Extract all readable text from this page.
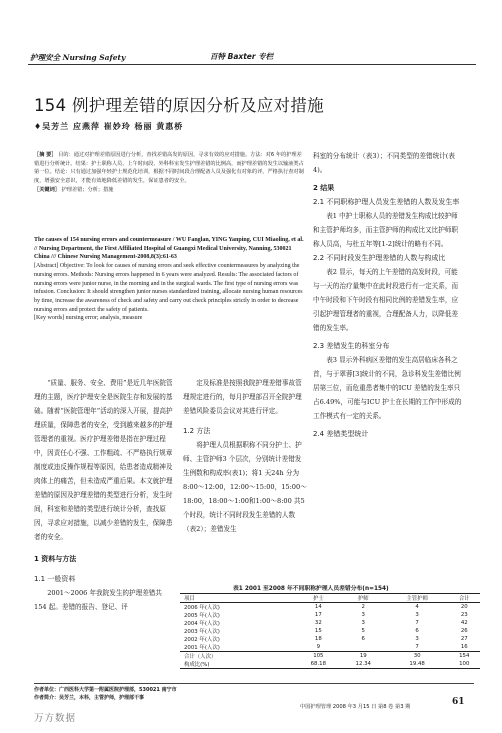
护理安全 Nursing Safety	百特 Baxter 专栏
154 例护理差错的原因分析及应对措施
♦吴芳兰 应燕萍 崔妙玲 杨丽 黄惠桥
［摘 要］ 目的：通过对护理差错原因进行分析，查找差错高发的原因，寻求有效的应对措施。方法：对6 年的护理差错进行分析统计。结果：护士职称人员、上午时间段、外科科室发生护理差错的比例高，而护理差错的发生以输液类占第一位。结论：只有通过加强年轻护士规范化培训，根据不同时间段合理配备人员及强化有对象的评，严格执行查对制度，增强安全意识，才能有效地降低差错的发生，保证患者的安全。
［关键词］ 护理差错；分析；措施
The causes of 154 nursing errors and countermeasure / WU Fanglan, YING Yanping, CUI Miaoling, et al. // Nursing Department, the First Affiliated Hospital of Guangxi Medical University, Nanning, 530021 China /// Chinese Nursing Management-2008,8(3):61-63
[Abstract] Objective: To look for causes of nursing errors and seek effective countermeasures by analyzing the nursing errors. Methods: Nursing errors happened in 6 years were analyzed. Results: The associated factors of nursing errors were junior nurse, in the morning and in the surgical wards. The first type of nursing errors was infusion. Conclusion: It should strengthen junior nurses standardized training, allocate nursing human resources by time, increase the awareness of check and safety and carry out check principles strictly in order to decrease nursing errors and protect the safety of patients.
[Key words] nursing error; analysis, measure

“质量、服务、安全、费用”是近几年医院管理的主题，医疗护理安全是医院生存和发展的基础。随着“医院管理年”活动的深入开展，提高护理质量，保障患者的安全，受到越来越多的护理管理者的重视。医疗护理差错是指在护理过程中，因责任心不强、工作粗疏、不严格执行规章制度或违反操作规程等原因，给患者造成精神及肉体上的痛苦，但未造成严重后果。本文就护理差错的原因及护理差错的类型进行分析，发生时间，科室和差错的类型进行统计分析，查找原因，寻求应对措施，以减少差错的发生，保障患者的安全。

1 资料与方法
1.1 一般资料

2001～2006 年我院发生的护理差错共154 起。差错的报告、登记、评

定及标准是按照我院护理差错事故管理规定进行的，每月护理部召开全院护理差错风险委员会议对其进行评定。

1.2 方法

将护理人员根据职称不同分护士、护师、主管护师3 个层次，分别统计差错发生例数和构成率(表1)；将1 天24h 分为8:00～12:00，12:00～15:00，15:00～18:00，18:00～1:00和1:00～8:00 共5个时段，统计不同时段发生差错的人数（表2）；差错发生

科室的分布统计（表3）；不同类型的差错统计(表4)。

2 结果
2.1 不同职称护理人员发生差错的人数及发生率

表1 中护士职称人员的差错发生构成比较护师和主管护师均多，而主管护师的构成比又比护师职称人员高，与杜五年等[1-2]统计的略有不同。

2.2 不同时段发生护理差错的人数与构成比

表2 显示，每天的上午差错的高发时段，可能与一天的治疗量集中在此时段进行有一定关系，而中午时段和下午时段有相同比例的差错发生率，应引起护理管理者的重视，合理配备人力，以降低差错的发生率。

2.3 差错发生的科室分布

表3 显示外科病区差错的发生高居临床各科之首，与于翠蓉[3]统计的不同，急诊科发生差错比例居第三位，而危重患者集中的ICU 差错的发生率只占6.49%，可能与ICU 护士在长期的工作中形成的工作模式有一定的关系。

2.4 差错类型统计
表1 2001 至2008 年不同职称护理人员差错分布(n=154)
项目	护士	护师	主管护师	合计
2006 年(人次)	14	2	4	20
2005 年(人次)	17	3	3	23
2004 年(人次)	32	3	7	42
2003 年(人次)	15	5	6	26
2002 年(人次)	18	6	3	27
2001 年(人次)	9		7	16
合计（人次）	105	19	30	154
构成比(%)	68.18	12.34	19.48	100
作者单位：广西医科大学第一附属医院护理部，530021 南宁市
作者简介：吴芳兰，本科，主管护师，护理部干事
中国护理管理 2008 年3 月15 日 第8 卷 第3 期	61
万方数据
